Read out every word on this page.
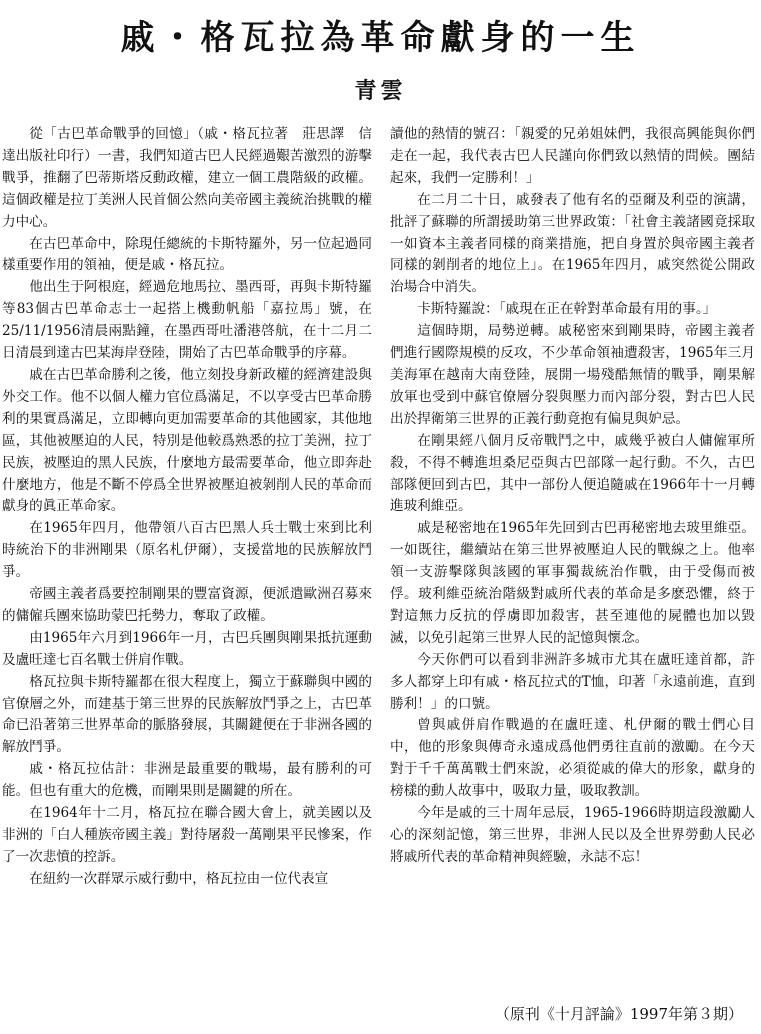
戚・格瓦拉為革命獻身的一生
青雲

從「古巴革命戰爭的回憶」（戚・格瓦拉著　莊思譯　信達出版社印行）一書，我們知道古巴人民經過艱苦激烈的游擊戰爭，推翻了巴蒂斯塔反動政權，建立一個工農階級的政權。這個政權是拉丁美洲人民首個公然向美帝國主義統治挑戰的權力中心。

在古巴革命中，除現任總統的卡斯特羅外，另一位起過同樣重要作用的領袖，便是戚・格瓦拉。

他出生于阿根庭，經過危地馬拉、墨西哥，再與卡斯特羅等83個古巴革命志士一起搭上機動帆船「嘉拉馬」號，在25/11/1956清晨兩點鐘，在墨西哥吐潘港啓航，在十二月二日清晨到達古巴某海岸登陸，開始了古巴革命戰爭的序幕。

戚在古巴革命勝利之後，他立刻投身新政權的經濟建設與外交工作。他不以個人權力官位爲滿足，不以享受古巴革命勝利的果實爲滿足，立即轉向更加需要革命的其他國家，其他地區，其他被壓迫的人民，特別是他較爲熟悉的拉丁美洲，拉丁民族，被壓迫的黑人民族，什麼地方最需要革命，他立即奔赴什麼地方，他是不斷不停爲全世界被壓迫被剝削人民的革命而獻身的眞正革命家。

在1965年四月，他帶領八百古巴黑人兵士戰士來到比利時統治下的非洲剛果（原名札伊爾），支援當地的民族解放鬥爭。

帝國主義者爲要控制剛果的豐富資源，便派遣歐洲召募來的傭僱兵團來協助蒙巴托勢力，奪取了政權。

由1965年六月到1966年一月，古巴兵團與剛果抵抗運動及盧旺達七百名戰士併肩作戰。

格瓦拉與卡斯特羅都在很大程度上，獨立于蘇聯與中國的官僚層之外，而建基于第三世界的民族解放鬥爭之上，古巴革命已沿著第三世界革命的脈胳發展，其關鍵便在于非洲各國的解放鬥爭。

戚・格瓦拉估計：非洲是最重要的戰場，最有勝利的可能。但也有重大的危機，而剛果則是關鍵的所在。

在1964年十二月，格瓦拉在聯合國大會上，就美國以及非洲的「白人種族帝國主義」對待屠殺一萬剛果平民慘案，作了一次悲憤的控訴。

在紐約一次群眾示威行動中，格瓦拉由一位代表宣

讀他的熱情的號召：「親愛的兄弟姐妹們，我很高興能與你們走在一起，我代表古巴人民謹向你們致以熱情的問候。團結起來，我們一定勝利！」

在二月二十日，戚發表了他有名的亞爾及利亞的演講，批評了蘇聯的所謂援助第三世界政策：「社會主義諸國竟採取一如資本主義者同樣的商業措施，把自身置於與帝國主義者同樣的剝削者的地位上」。在1965年四月，戚突然從公開政治場合中消失。

卡斯特羅說：「戚現在正在幹對革命最有用的事。」

這個時期，局勢逆轉。戚秘密來到剛果時，帝國主義者們進行國際規模的反攻，不少革命領袖遭殺害，1965年三月美海軍在越南大南登陸，展開一場殘酷無情的戰爭，剛果解放軍也受到中蘇官僚層分裂與壓力而內部分裂，對古巴人民出於捍衛第三世界的正義行動竟抱有偏見與妒忌。

在剛果經八個月反帝戰鬥之中，戚幾乎被白人傭僱軍所殺，不得不轉進坦桑尼亞與古巴部隊一起行動。不久，古巴部隊便回到古巴，其中一部份人便追隨戚在1966年十一月轉進玻利維亞。

戚是秘密地在1965年先回到古巴再秘密地去玻里維亞。一如既往，繼續站在第三世界被壓迫人民的戰線之上。他率領一支游擊隊與該國的軍事獨裁統治作戰，由于受傷而被俘。玻利維亞統治階級對戚所代表的革命是多麽恐懼，終于對這無力反抗的俘虜即加殺害，甚至連他的屍體也加以毀滅，以免引起第三世界人民的記憶與懷念。

今天你們可以看到非洲許多城市尤其在盧旺達首都，許多人都穿上印有戚・格瓦拉式的T恤，印著「永遠前進，直到勝利！」的口號。

曾與戚併肩作戰過的在盧旺達、札伊爾的戰士們心目中，他的形象與傳奇永遠成爲他們勇往直前的激勵。在今天對于千千萬萬戰士們來說，必須從戚的偉大的形象，獻身的榜樣的動人故事中，吸取力量，吸取教訓。

今年是戚的三十周年忌辰，1965-1966時期這段激勵人心的深刻記憶，第三世界，非洲人民以及全世界勞動人民必將戚所代表的革命精神與經驗，永誌不忘！

（原刊《十月評論》1997年第３期）
